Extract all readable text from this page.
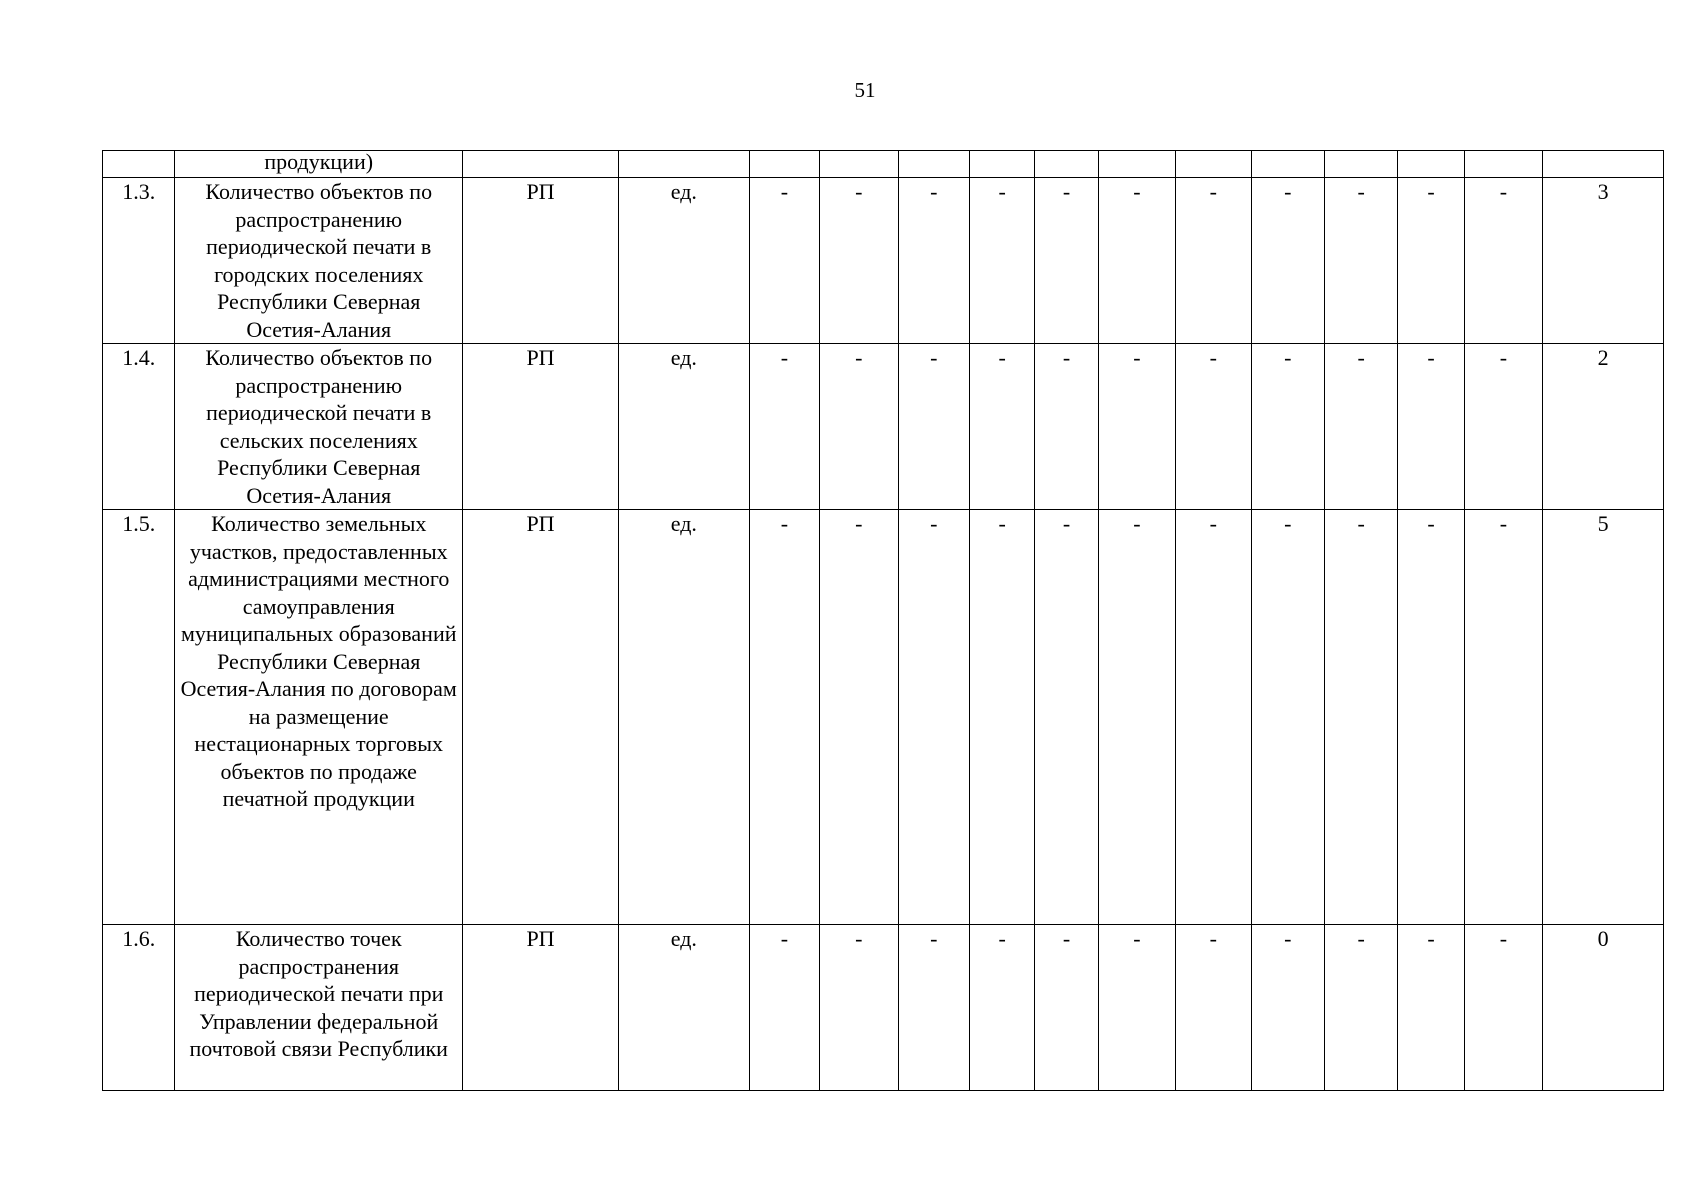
51
	продукции)														
1.3.	Количество объектов по распространению периодической печати в городских поселениях Республики Северная Осетия-Алания	РП	ед.	-	-	-	-	-	-	-	-	-	-	-	3
1.4.	Количество объектов по распространению периодической печати в сельских поселениях Республики Северная Осетия-Алания	РП	ед.	-	-	-	-	-	-	-	-	-	-	-	2
1.5.	Количество земельных участков, предоставленных администрациями местного самоуправления муниципальных образований Республики Северная Осетия-Алания по договорам на размещение нестационарных торговых объектов по продаже печатной продукции	РП	ед.	-	-	-	-	-	-	-	-	-	-	-	5
1.6.	Количество точек распространения периодической печати при Управлении федеральной почтовой связи Республики	РП	ед.	-	-	-	-	-	-	-	-	-	-	-	0
